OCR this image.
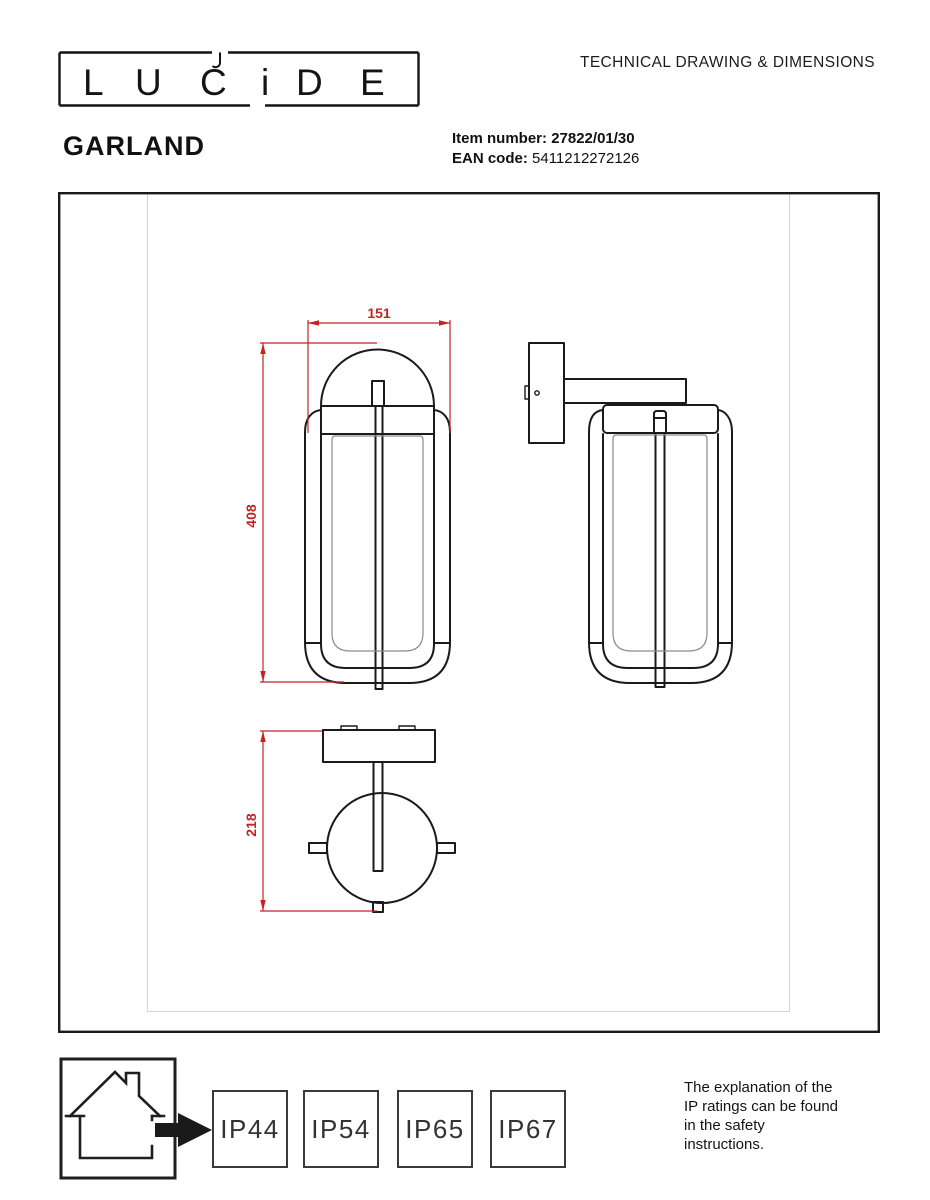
L U C i D E
GARLAND
TECHNICAL DRAWING & DIMENSIONS
Item number: 27822/01/30
EAN code: 5411212272126
151
408
218
IP44 IP54 IP65 IP67
The explanation of the
IP ratings can be found
in the safety
instructions.
